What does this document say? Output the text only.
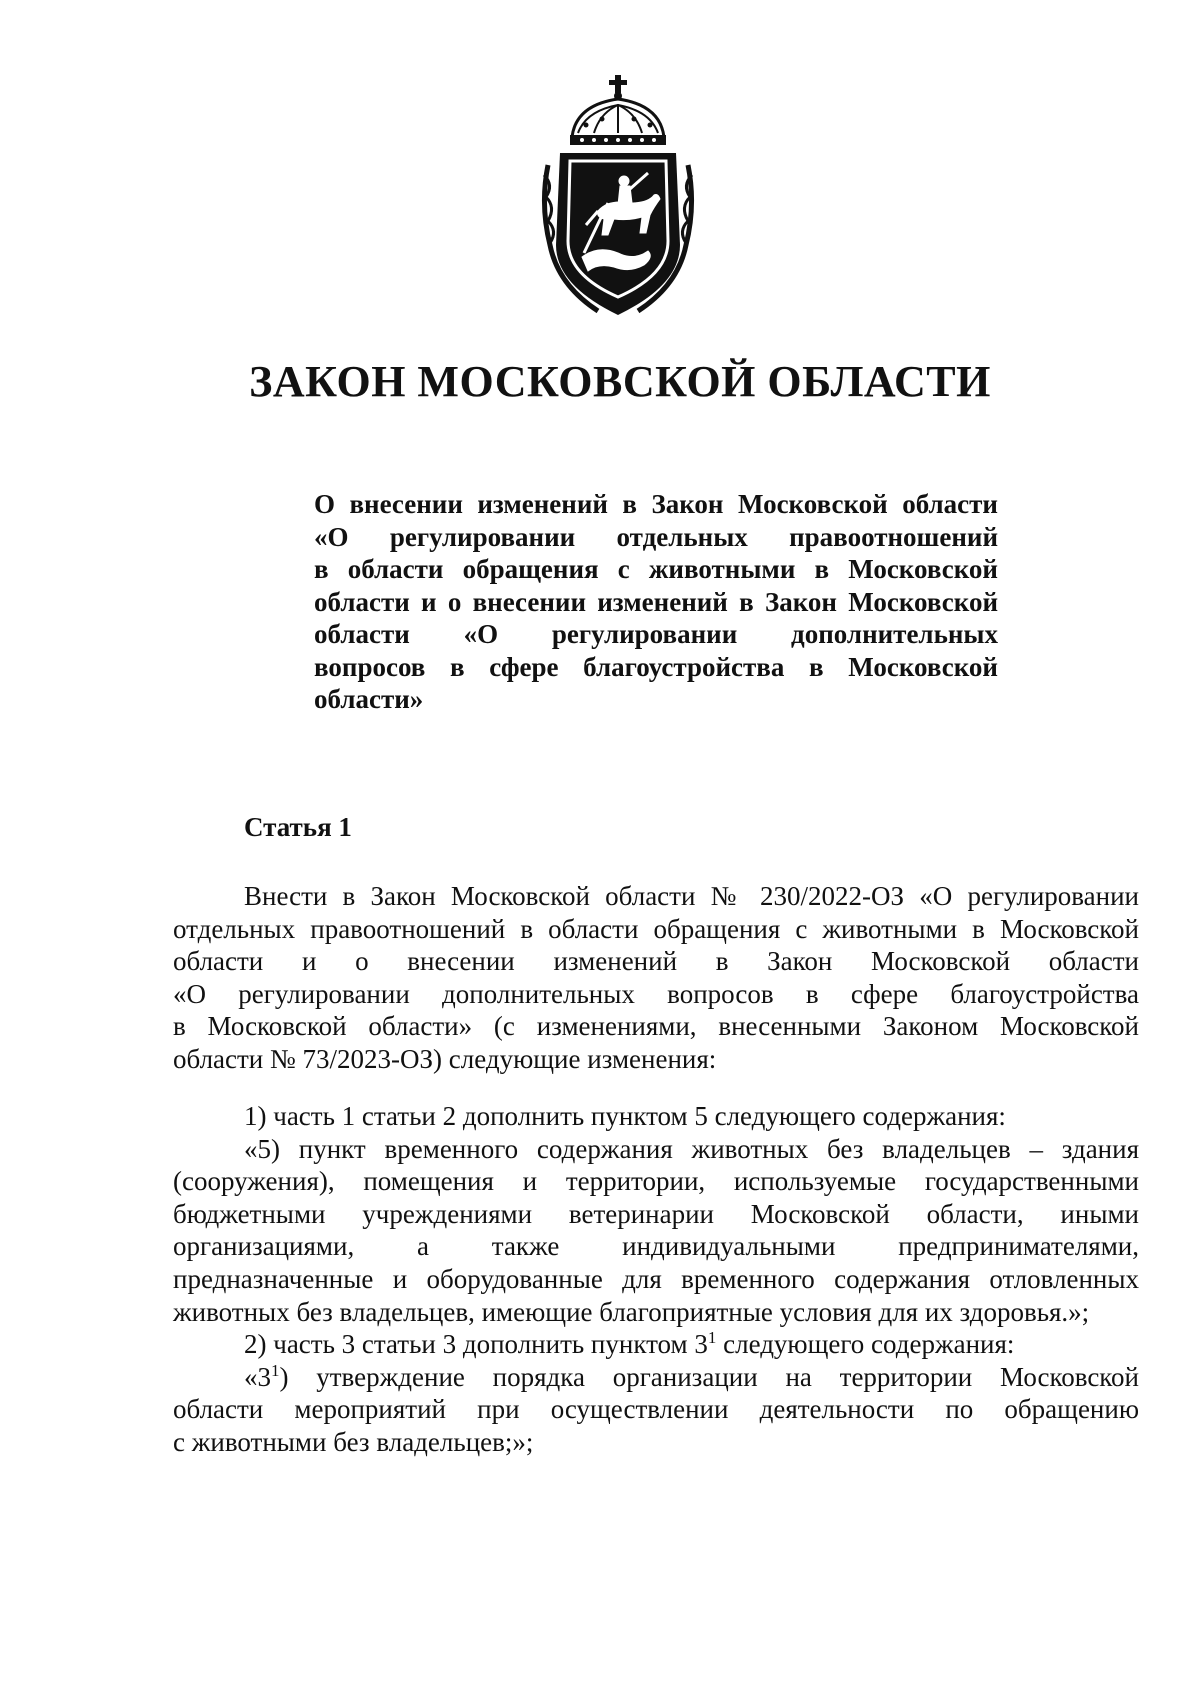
ЗАКОН МОСКОВСКОЙ ОБЛАСТИ
О внесении изменений в Закон Московской области
«О регулировании отдельных правоотношений
в области обращения с животными в Московской
области и о внесении изменений в Закон Московской
области «О регулировании дополнительных
вопросов в сфере благоустройства в Московской
области»
Статья 1
Внести в Закон Московской области № 230/2022-ОЗ «О регулировании
отдельных правоотношений в области обращения с животными в Московской
области и о внесении изменений в Закон Московской области
«О регулировании дополнительных вопросов в сфере благоустройства
в Московской области» (с изменениями, внесенными Законом Московской
области № 73/2023-ОЗ) следующие изменения:
1) часть 1 статьи 2 дополнить пунктом 5 следующего содержания:
«5) пункт временного содержания животных без владельцев – здания
(сооружения), помещения и территории, используемые государственными
бюджетными учреждениями ветеринарии Московской области, иными
организациями, а также индивидуальными предпринимателями,
предназначенные и оборудованные для временного содержания отловленных
животных без владельцев, имеющие благоприятные условия для их здоровья.»;
2) часть 3 статьи 3 дополнить пунктом $3^1$ следующего содержания:
«$3^1$) утверждение порядка организации на территории Московской
области мероприятий при осуществлении деятельности по обращению
с животными без владельцев;»;
